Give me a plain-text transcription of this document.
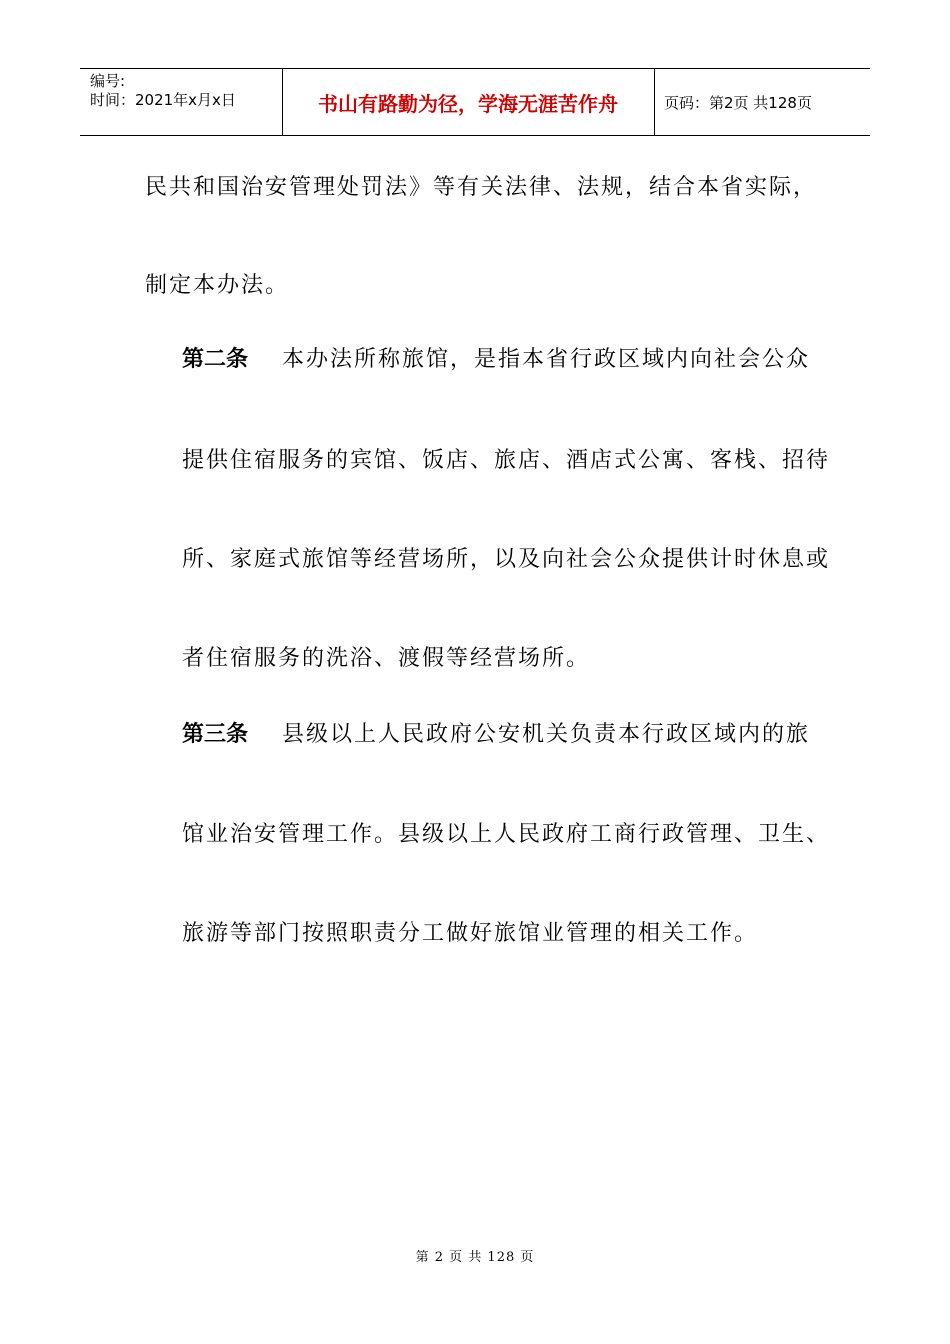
编号:
时间：2021年x月x日	书山有路勤为径，学海无涯苦作舟	页码：第2页 共128页
民共和国治安管理处罚法》等有关法律、法规，结合本省实际，
制定本办法。
第二条 本办法所称旅馆，是指本省行政区域内向社会公众
提供住宿服务的宾馆、饭店、旅店、酒店式公寓、客栈、招待
所、家庭式旅馆等经营场所，以及向社会公众提供计时休息或
者住宿服务的洗浴、渡假等经营场所。
第三条 县级以上人民政府公安机关负责本行政区域内的旅
馆业治安管理工作。县级以上人民政府工商行政管理、卫生、
旅游等部门按照职责分工做好旅馆业管理的相关工作。
第 2 页 共 128 页
